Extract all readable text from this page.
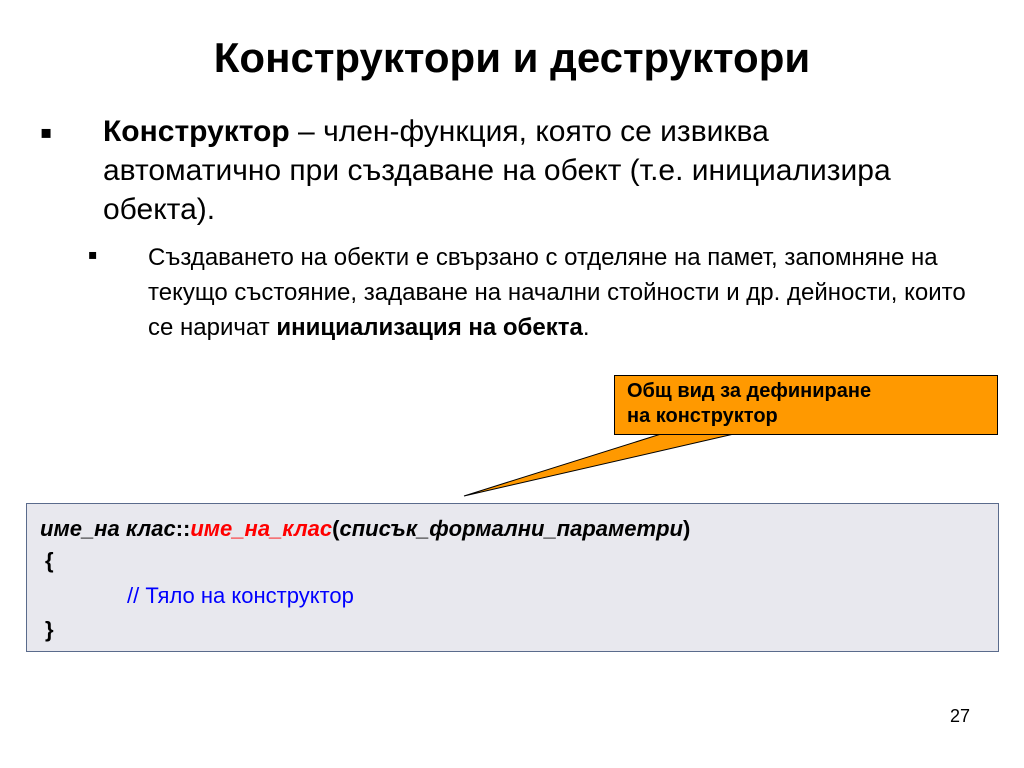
Конструктори и деструктори
▪ Конструктор – член-функция, която се извиква автоматично при създаване на обект (т.е. инициализира обекта).
▪ Създаването на обекти е свързано с отделяне на памет, запомняне на текущо състояние, задаване на начални стойности и др. дейности, които се наричат инициализация на обекта.
Общ вид за дефиниране
на конструктор
име_на клас::име_на_клас(списък_формални_параметри)
{
// Тяло на конструктор
}
27
